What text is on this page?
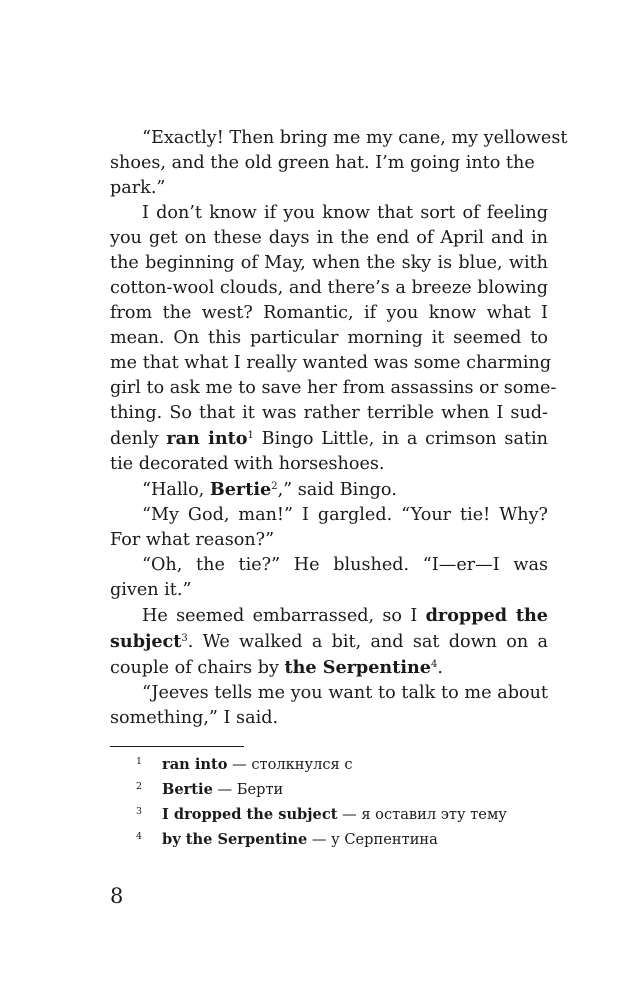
“Exactly! Then bring me my cane, my yellowest
shoes, and the old green hat. I’m going into the
park.”

I don’t know if you know that sort of feeling
you get on these days in the end of April and in
the beginning of May, when the sky is blue, with
cotton-wool clouds, and there’s a breeze blowing
from the west? Romantic, if you know what I
mean. On this particular morning it seemed to
me that what I really wanted was some charming
girl to ask me to save her from assassins or some-
thing. So that it was rather terrible when I sud-
denly ran into$^1$ Bingo Little, in a crimson satin
tie decorated with horseshoes.

“Hallo, Bertie$^2$,” said Bingo.

“My God, man!” I gargled. “Your tie! Why?
For what reason?”

“Oh, the tie?” He blushed. “I—er—I was
given it.”

He seemed embarrassed, so I dropped the
subject$^3$. We walked a bit, and sat down on a
couple of chairs by the Serpentine$^4$.

“Jeeves tells me you want to talk to me about
something,” I said.

1 ran into — столкнулся с
2 Bertie — Берти
3 I dropped the subject — я оставил эту тему
4 by the Serpentine — у Серпентина
8
